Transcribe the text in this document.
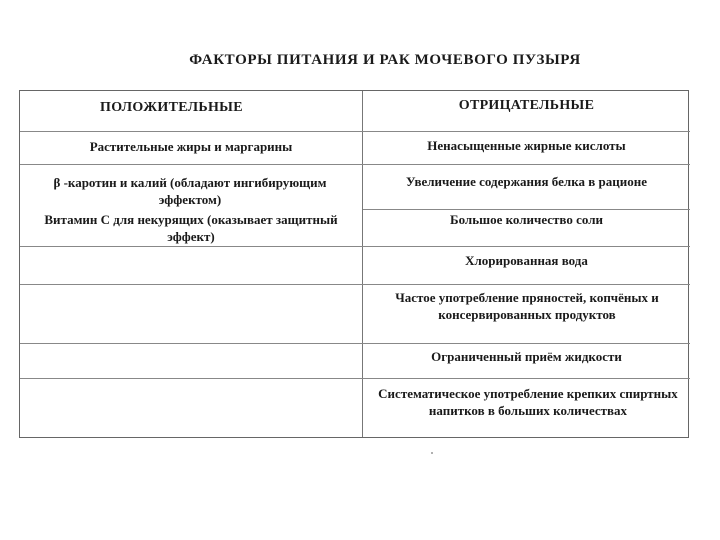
ФАКТОРЫ ПИТАНИЯ И РАК МОЧЕВОГО ПУЗЫРЯ
ПОЛОЖИТЕЛЬНЫЕ	ОТРИЦАТЕЛЬНЫЕ
Растительные жиры и маргарины
β -каротин и калий (обладают ингибирующим эффектом)
Витамин С для некурящих (оказывает защитный эффект)
Ненасыщенные жирные кислоты
Увеличение содержания белка в рационе
Большое количество соли
Хлорированная вода
Частое употребление пряностей, копчёных и консервированных продуктов
Ограниченный приём жидкости
Систематическое употребление крепких спиртных напитков в больших количествах
